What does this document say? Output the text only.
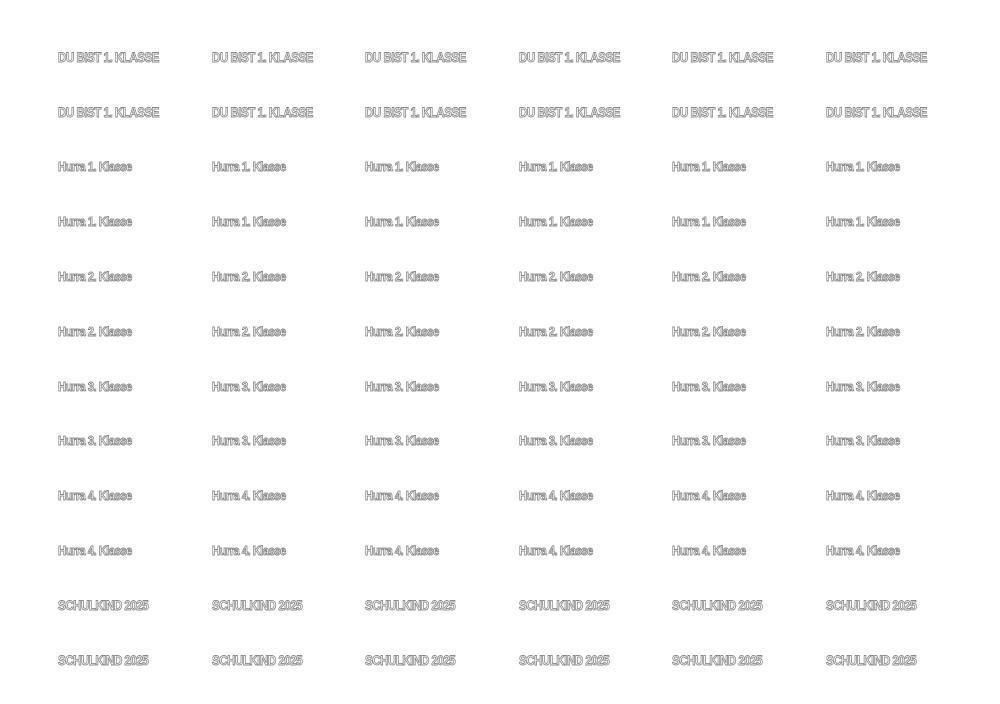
DU BIST 1. KLASSE	DU BIST 1. KLASSE	DU BIST 1. KLASSE	DU BIST 1. KLASSE	DU BIST 1. KLASSE	DU BIST 1. KLASSE
DU BIST 1. KLASSE	DU BIST 1. KLASSE	DU BIST 1. KLASSE	DU BIST 1. KLASSE	DU BIST 1. KLASSE	DU BIST 1. KLASSE
Hurra 1. Klasse	Hurra 1. Klasse	Hurra 1. Klasse	Hurra 1. Klasse	Hurra 1. Klasse	Hurra 1. Klasse
Hurra 1. Klasse	Hurra 1. Klasse	Hurra 1. Klasse	Hurra 1. Klasse	Hurra 1. Klasse	Hurra 1. Klasse
Hurra 2. Klasse	Hurra 2. Klasse	Hurra 2. Klasse	Hurra 2. Klasse	Hurra 2. Klasse	Hurra 2. Klasse
Hurra 2. Klasse	Hurra 2. Klasse	Hurra 2. Klasse	Hurra 2. Klasse	Hurra 2. Klasse	Hurra 2. Klasse
Hurra 3. Klasse	Hurra 3. Klasse	Hurra 3. Klasse	Hurra 3. Klasse	Hurra 3. Klasse	Hurra 3. Klasse
Hurra 3. Klasse	Hurra 3. Klasse	Hurra 3. Klasse	Hurra 3. Klasse	Hurra 3. Klasse	Hurra 3. Klasse
Hurra 4. Klasse	Hurra 4. Klasse	Hurra 4. Klasse	Hurra 4. Klasse	Hurra 4. Klasse	Hurra 4. Klasse
Hurra 4. Klasse	Hurra 4. Klasse	Hurra 4. Klasse	Hurra 4. Klasse	Hurra 4. Klasse	Hurra 4. Klasse
SCHULKIND 2025	SCHULKIND 2025	SCHULKIND 2025	SCHULKIND 2025	SCHULKIND 2025	SCHULKIND 2025
SCHULKIND 2025	SCHULKIND 2025	SCHULKIND 2025	SCHULKIND 2025	SCHULKIND 2025	SCHULKIND 2025
